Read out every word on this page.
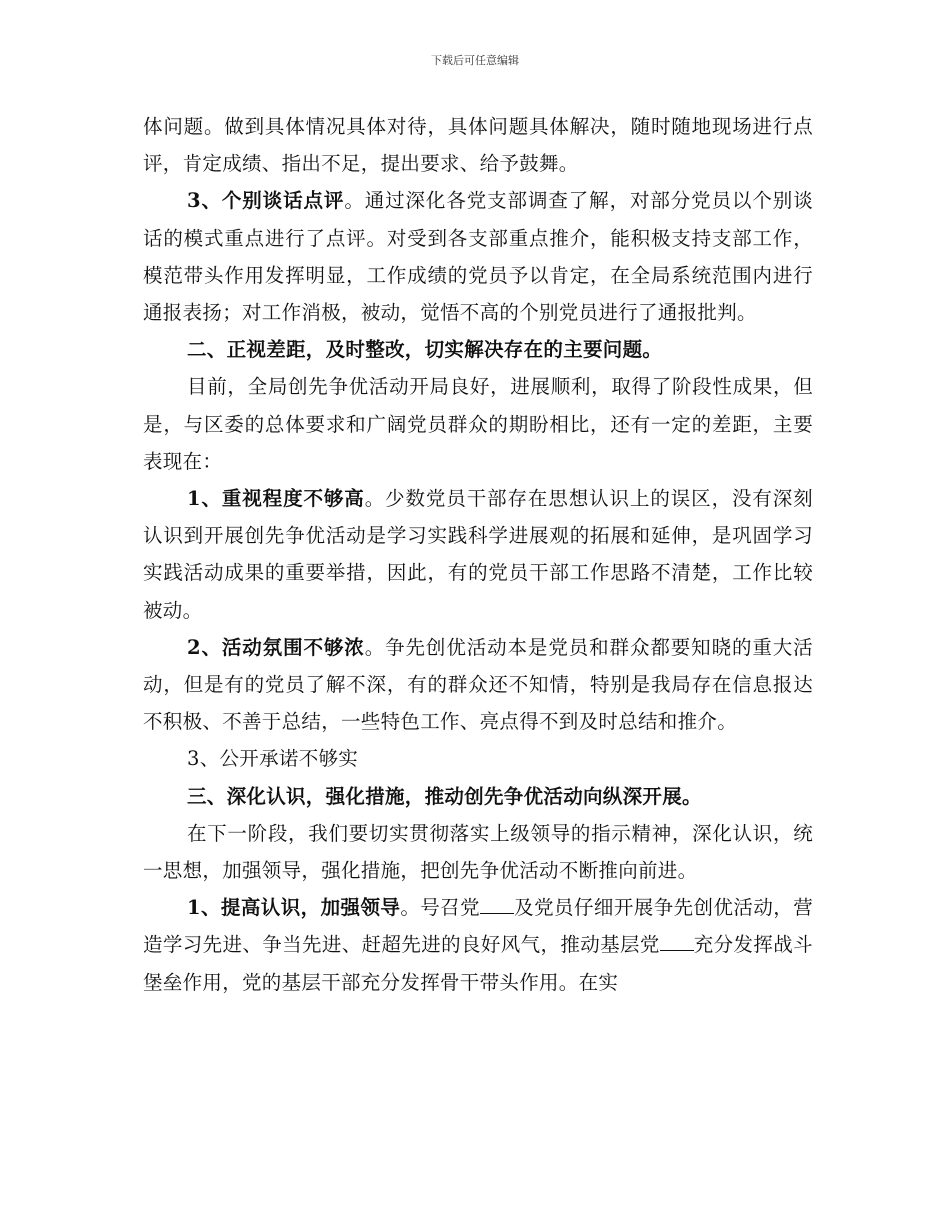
下载后可任意编辑

体问题。做到具体情况具体对待，具体问题具体解决，随时随地现场进行点评，肯定成绩、指出不足，提出要求、给予鼓舞。

3、个别谈话点评。通过深化各党支部调查了解，对部分党员以个别谈话的模式重点进行了点评。对受到各支部重点推介，能积极支持支部工作，模范带头作用发挥明显，工作成绩的党员予以肯定，在全局系统范围内进行通报表扬；对工作消极，被动，觉悟不高的个别党员进行了通报批判。

二、正视差距，及时整改，切实解决存在的主要问题。

目前，全局创先争优活动开局良好，进展顺利，取得了阶段性成果，但是，与区委的总体要求和广阔党员群众的期盼相比，还有一定的差距，主要表现在：

1、重视程度不够高。少数党员干部存在思想认识上的误区，没有深刻认识到开展创先争优活动是学习实践科学进展观的拓展和延伸，是巩固学习实践活动成果的重要举措，因此，有的党员干部工作思路不清楚，工作比较被动。

2、活动氛围不够浓。争先创优活动本是党员和群众都要知晓的重大活动，但是有的党员了解不深，有的群众还不知情，特别是我局存在信息报达不积极、不善于总结，一些特色工作、亮点得不到及时总结和推介。

3、公开承诺不够实

三、深化认识，强化措施，推动创先争优活动向纵深开展。

在下一阶段，我们要切实贯彻落实上级领导的指示精神，深化认识，统一思想，加强领导，强化措施，把创先争优活动不断推向前进。

1、提高认识，加强领导。号召党 及党员仔细开展争先创优活动，营造学习先进、争当先进、赶超先进的良好风气，推动基层党 充分发挥战斗堡垒作用，党的基层干部充分发挥骨干带头作用。在实
